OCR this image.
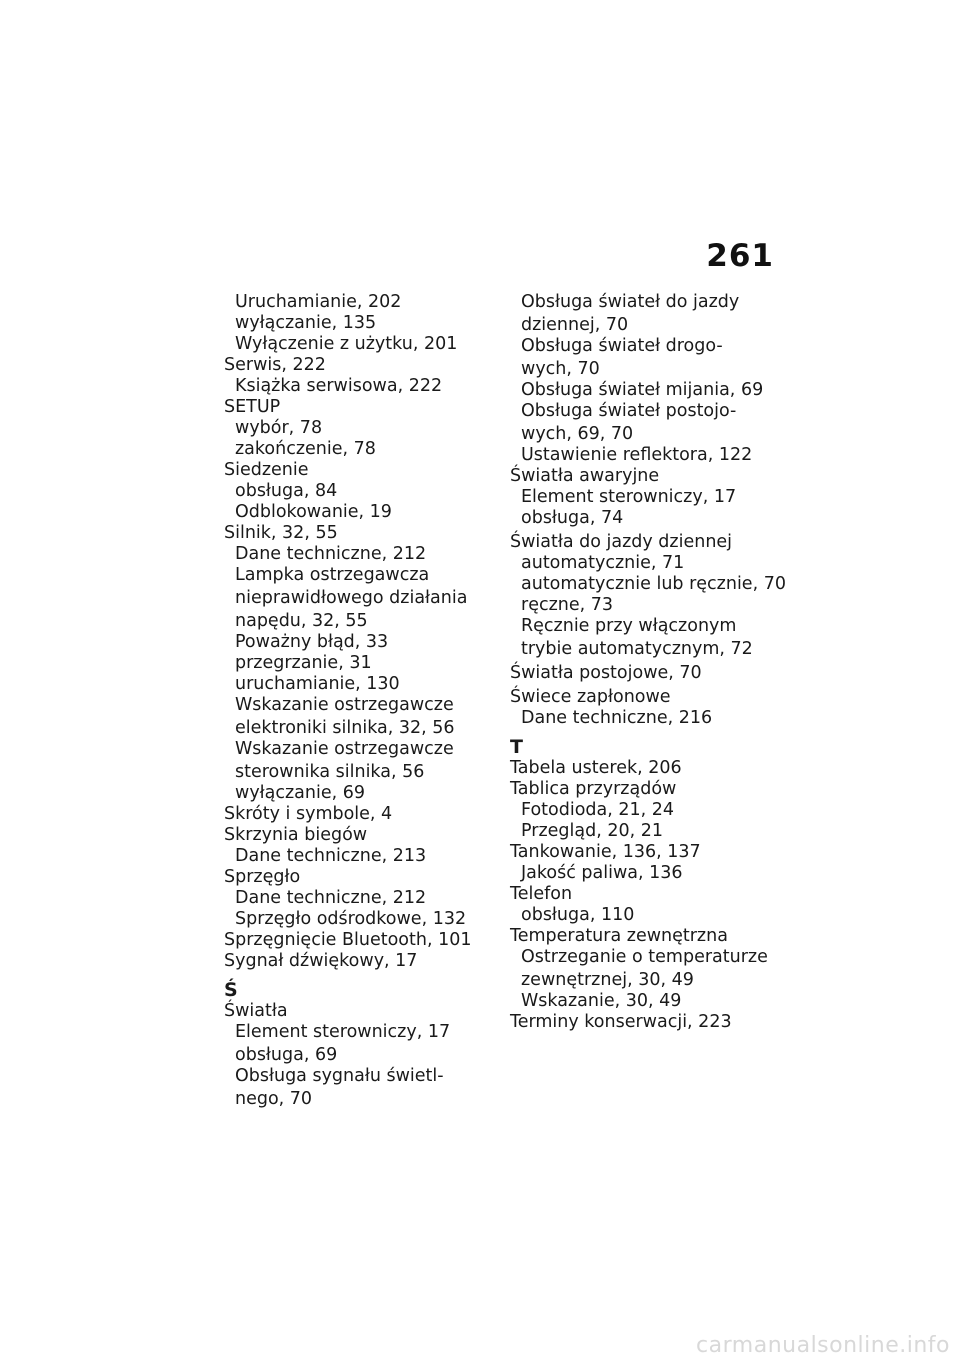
261
Uruchamianie, 202
wyłączanie, 135
Wyłączenie z użytku, 201
Serwis, 222
Książka serwisowa, 222
SETUP
wybór, 78
zakończenie, 78
Siedzenie
obsługa, 84
Odblokowanie, 19
Silnik, 32, 55
Dane techniczne, 212
Lampka ostrzegawcza
nieprawidłowego działania
napędu, 32, 55
Poważny błąd, 33
przegrzanie, 31
uruchamianie, 130
Wskazanie ostrzegawcze
elektroniki silnika, 32, 56
Wskazanie ostrzegawcze
sterownika silnika, 56
wyłączanie, 69
Skróty i symbole, 4
Skrzynia biegów
Dane techniczne, 213
Sprzęgło
Dane techniczne, 212
Sprzęgło odśrodkowe, 132
Sprzęgnięcie Bluetooth, 101
Sygnał dźwiękowy, 17
Ś
Światła
Element sterowniczy, 17
obsługa, 69
Obsługa sygnału świetl-
nego, 70
Obsługa świateł do jazdy
dziennej, 70
Obsługa świateł drogo-
wych, 70
Obsługa świateł mijania, 69
Obsługa świateł postojo-
wych, 69, 70
Ustawienie reflektora, 122
Światła awaryjne
Element sterowniczy, 17
obsługa, 74
Światła do jazdy dziennej
automatycznie, 71
automatycznie lub ręcznie, 70
ręczne, 73
Ręcznie przy włączonym
trybie automatycznym, 72
Światła postojowe, 70
Świece zapłonowe
Dane techniczne, 216
T
Tabela usterek, 206
Tablica przyrządów
Fotodioda, 21, 24
Przegląd, 20, 21
Tankowanie, 136, 137
Jakość paliwa, 136
Telefon
obsługa, 110
Temperatura zewnętrzna
Ostrzeganie o temperaturze
zewnętrznej, 30, 49
Wskazanie, 30, 49
Terminy konserwacji, 223
carmanualsonline.info
